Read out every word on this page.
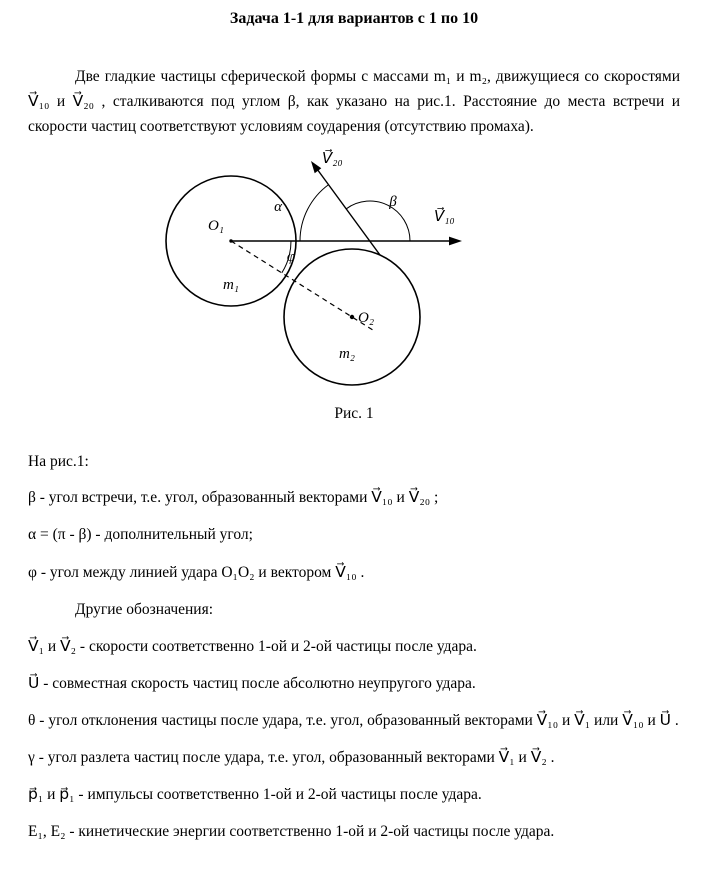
Задача 1-1 для вариантов с 1 по 10

Две гладкие частицы сферической формы с массами m₁ и m₂, движущиеся со скоростями V⃗₁₀ и V⃗₂₀ , сталкиваются под углом β, как указано на рис.1. Расстояние до места встречи и скорости частиц соответствуют условиям соударения (отсутствию промаха).

O₁
O₂
m₁
m₂
V⃗₂₀
V⃗₁₀
α	β
φ
Рис. 1

На рис.1:

β - угол встречи, т.е. угол, образованный векторами V⃗₁₀ и V⃗₂₀ ;

α = (π - β) - дополнительный угол;

φ - угол между линией удара O₁O₂ и вектором V⃗₁₀ .

Другие обозначения:

V⃗₁ и V⃗₂ - скорости соответственно 1-ой и 2-ой частицы после удара.

U⃗ - совместная скорость частиц после абсолютно неупругого удара.

θ - угол отклонения частицы после удара, т.е. угол, образованный векторами V⃗₁₀ и V⃗₁ или V⃗₁₀ и U⃗ .

γ - угол разлета частиц после удара, т.е. угол, образованный векторами V⃗₁ и V⃗₂ .

p⃗₁ и p⃗₁ - импульсы соответственно 1-ой и 2-ой частицы после удара.

E₁, E₂ - кинетические энергии соответственно 1-ой и 2-ой частицы после удара.
